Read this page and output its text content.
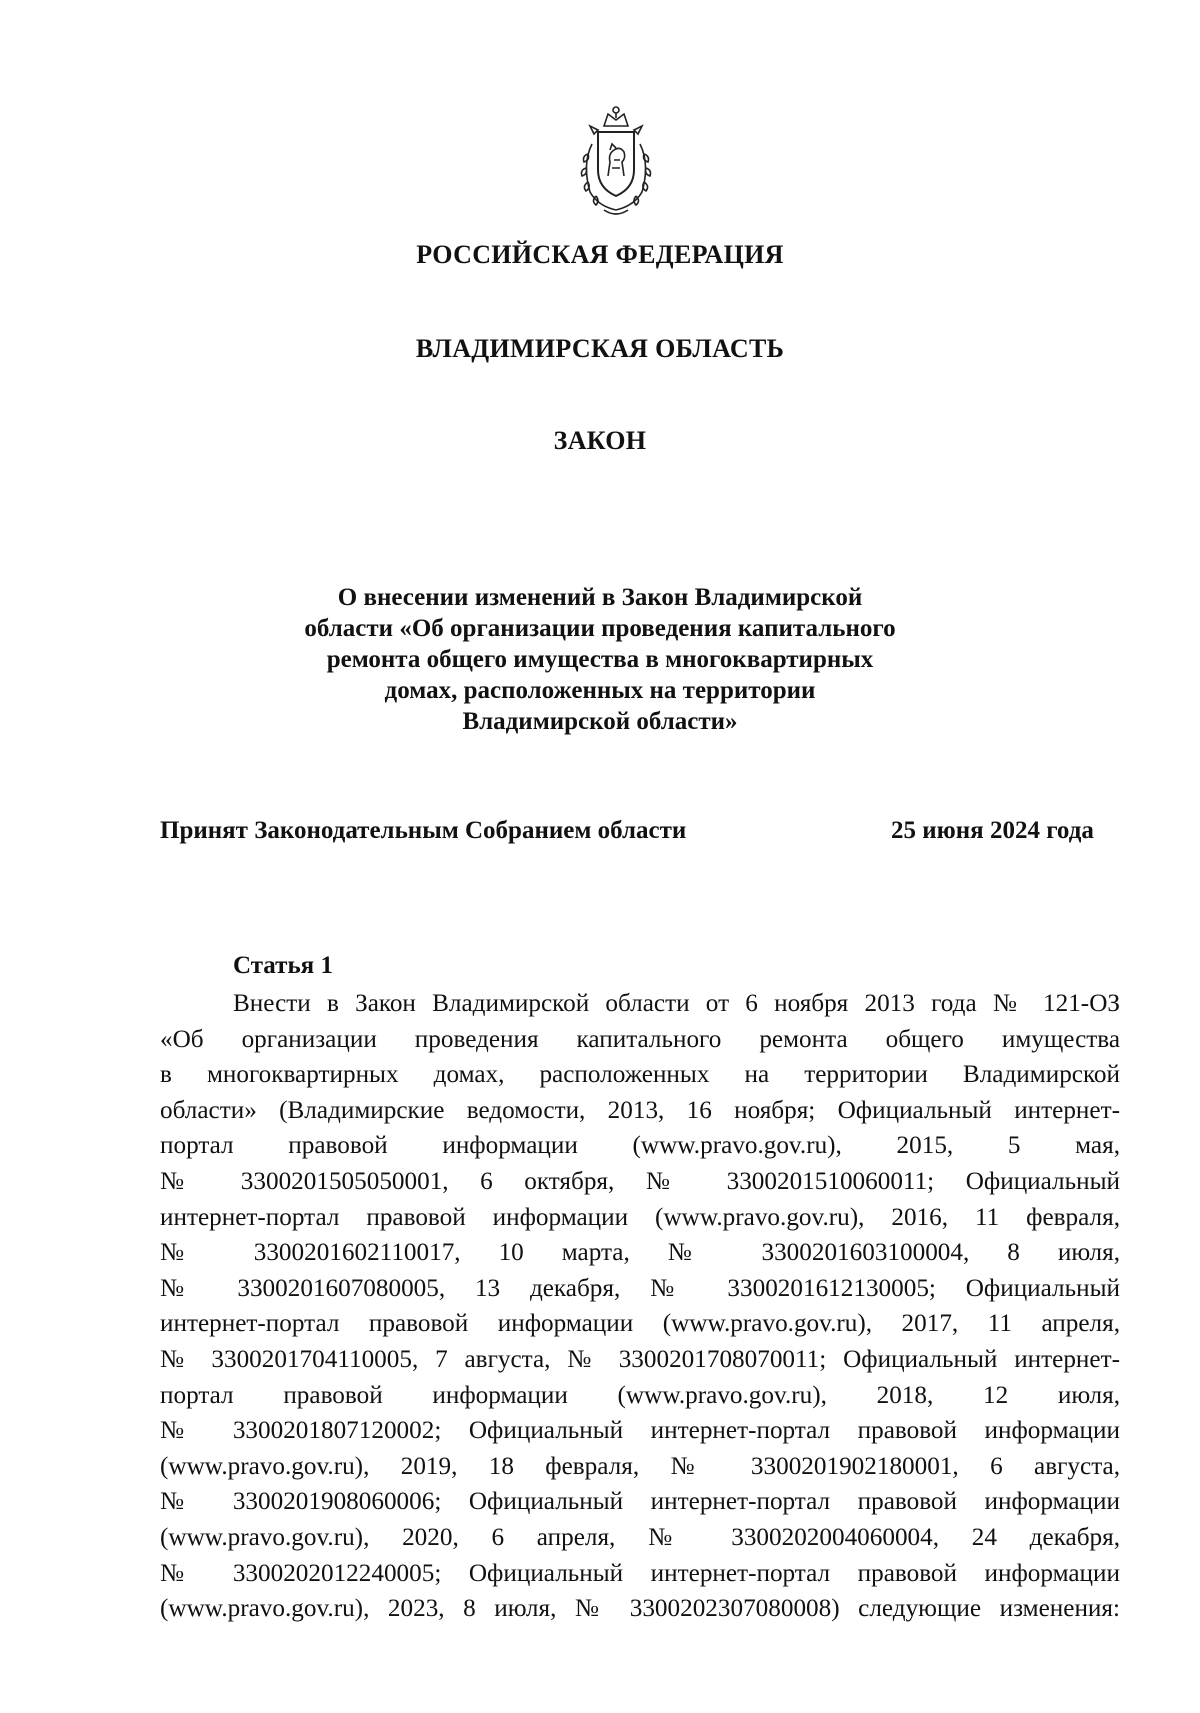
РОССИЙСКАЯ ФЕДЕРАЦИЯ
ВЛАДИМИРСКАЯ ОБЛАСТЬ
ЗАКОН
О внесении изменений в Закон Владимирской
области «Об организации проведения капитального
ремонта общего имущества в многоквартирных
домах, расположенных на территории
Владимирской области»
Принят Законодательным Собранием области	25 июня 2024 года
Статья 1
Внести в Закон Владимирской области от 6 ноября 2013 года № 121-ОЗ
«Об организации проведения капитального ремонта общего имущества
в многоквартирных домах, расположенных на территории Владимирской
области» (Владимирские ведомости, 2013, 16 ноября; Официальный интернет-
портал правовой информации (www.pravo.gov.ru), 2015, 5 мая,
№ 3300201505050001, 6 октября, № 3300201510060011; Официальный
интернет-портал правовой информации (www.pravo.gov.ru), 2016, 11 февраля,
№ 3300201602110017, 10 марта, № 3300201603100004, 8 июля,
№ 3300201607080005, 13 декабря, № 3300201612130005; Официальный
интернет-портал правовой информации (www.pravo.gov.ru), 2017, 11 апреля,
№ 3300201704110005, 7 августа, № 3300201708070011; Официальный интернет-
портал правовой информации (www.pravo.gov.ru), 2018, 12 июля,
№ 3300201807120002; Официальный интернет-портал правовой информации
(www.pravo.gov.ru), 2019, 18 февраля, № 3300201902180001, 6 августа,
№ 3300201908060006; Официальный интернет-портал правовой информации
(www.pravo.gov.ru), 2020, 6 апреля, № 3300202004060004, 24 декабря,
№ 3300202012240005; Официальный интернет-портал правовой информации
(www.pravo.gov.ru), 2023, 8 июля, № 3300202307080008) следующие изменения:
